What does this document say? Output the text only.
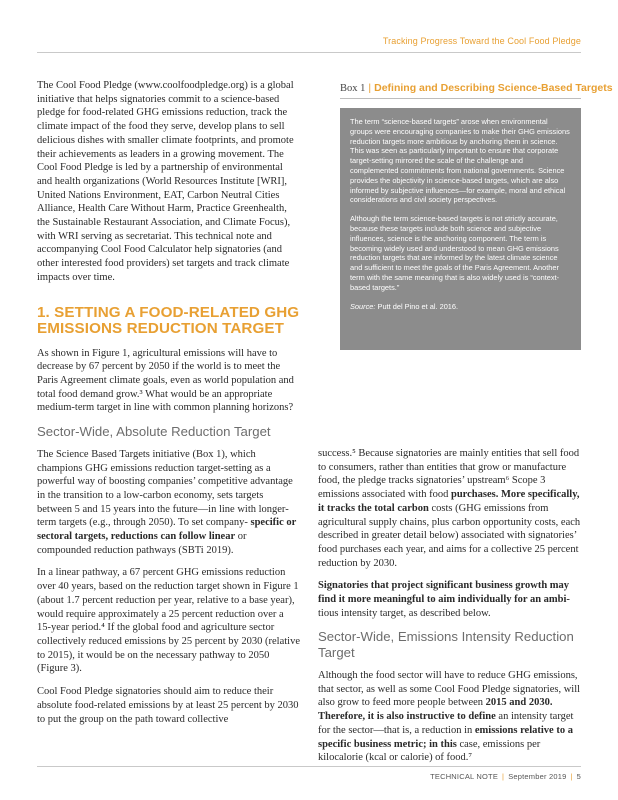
Tracking Progress Toward the Cool Food Pledge

The Cool Food Pledge (www.coolfoodpledge.org) is a global initiative that helps signatories commit to a science-based pledge for food-related GHG emissions reduction, track the climate impact of the food they serve, develop plans to sell delicious dishes with smaller climate footprints, and promote their achievements as leaders in a growing movement. The Cool Food Pledge is led by a partnership of environmental and health organizations (World Resources Institute [WRI], United Nations Environment, EAT, Carbon Neutral Cities Alliance, Health Care Without Harm, Practice Greenhealth, the Sustainable Restaurant Association, and Climate Focus), with WRI serving as secretariat. This technical note and accompanying Cool Food Calculator help signatories (and other interested food providers) set targets and track climate impacts over time.

1. SETTING A FOOD-RELATED GHG EMISSIONS REDUCTION TARGET

As shown in Figure 1, agricultural emissions will have to decrease by 67 percent by 2050 if the world is to meet the Paris Agreement climate goals, even as world population and total food demand grow.³ What would be an appropriate medium-term target in line with common planning horizons?

Sector-Wide, Absolute Reduction Target

The Science Based Targets initiative (Box 1), which champions GHG emissions reduction target-setting as a powerful way of boosting companies’ competitive advantage in the transition to a low-carbon economy, sets targets between 5 and 15 years into the future—in line with longer-term targets (e.g., through 2050). To set company- specific or sectoral targets, reductions can follow linear or compounded reduction pathways (SBTi 2019).

In a linear pathway, a 67 percent GHG emissions reduction over 40 years, based on the reduction target shown in Figure 1 (about 1.7 percent reduction per year, relative to a base year), would require approximately a 25 percent reduction over a 15-year period.⁴ If the global food and agriculture sector collectively reduced emissions by 25 percent by 2030 (relative to 2015), it would be on the necessary pathway to 2050 (Figure 3).

Cool Food Pledge signatories should aim to reduce their absolute food-related emissions by at least 25 percent by 2030 to put the group on the path toward collective

Box 1 | Defining and Describing Science-Based Targets

The term “science-based targets” arose when environmental groups were encouraging companies to make their GHG emissions reduction targets more ambitious by anchoring them in science. This was seen as particularly important to ensure that corporate target-setting mirrored the scale of the challenge and complemented commitments from national governments. Science provides the objectivity in science-based targets, which are also informed by subjective influences—for example, moral and ethical considerations and civil society perspectives.

Although the term science-based targets is not strictly accurate, because these targets include both science and subjective influences, science is the anchoring component. The term is becoming widely used and understood to mean GHG emissions reduction targets that are informed by the latest climate science and sufficient to meet the goals of the Paris Agreement. Another term with the same meaning that is also widely used is “context-based targets.”

Source: Putt del Pino et al. 2016.

success.⁵ Because signatories are mainly entities that sell food to consumers, rather than entities that grow or manufacture food, the pledge tracks signatories’ upstream⁶ Scope 3 emissions associated with food purchases. More specifically, it tracks the total carbon costs (GHG emissions from agricultural supply chains, plus carbon opportunity costs, each described in greater detail below) associated with signatories’ food purchases each year, and aims for a collective 25 percent reduction by 2030.

Signatories that project significant business growth may find it more meaningful to aim individually for an ambi- tious intensity target, as described below.

Sector-Wide, Emissions Intensity Reduction Target

Although the food sector will have to reduce GHG emissions, that sector, as well as some Cool Food Pledge signatories, will also grow to feed more people between 2015 and 2030. Therefore, it is also instructive to define an intensity target for the sector—that is, a reduction in emissions relative to a specific business metric; in this case, emissions per kilocalorie (kcal or calorie) of food.⁷

TECHNICAL NOTE | September 2019 | 5
